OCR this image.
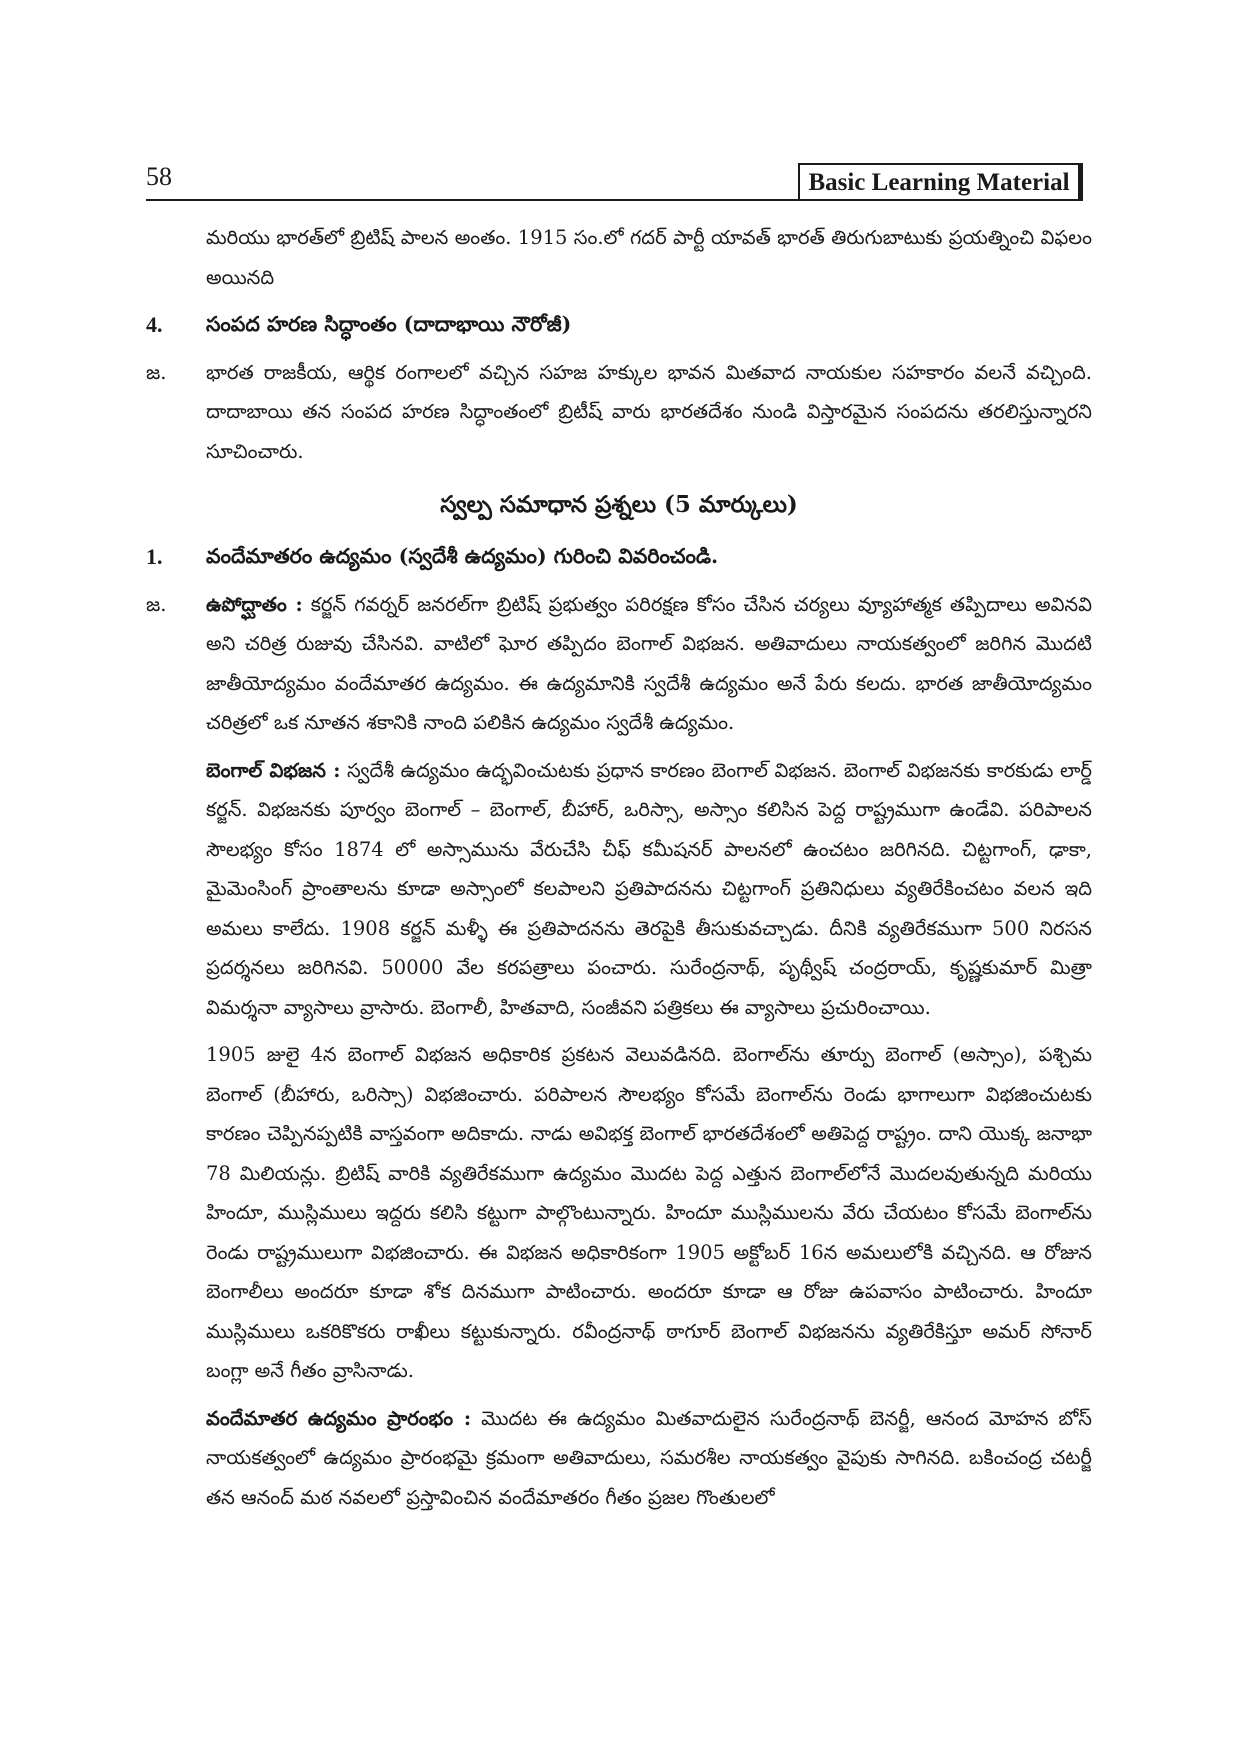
58	Basic Learning Material

మరియు భారత్‌లో బ్రిటిష్ పాలన అంతం. 1915 సం.లో గదర్ పార్టీ యావత్ భారత్ తిరుగుబాటుకు ప్రయత్నించి విఫలం అయినది

4.	సంపద హరణ సిద్ధాంతం (దాదాభాయి నౌరోజీ)
జ.	భారత రాజకీయ, ఆర్థిక రంగాలలో వచ్చిన సహజ హక్కుల భావన మితవాద నాయకుల సహకారం వలనే వచ్చింది. దాదాబాయి తన సంపద హరణ సిద్ధాంతంలో బ్రిటీష్ వారు భారతదేశం నుండి విస్తారమైన సంపదను తరలిస్తున్నారని సూచించారు.

స్వల్ప సమాధాన ప్రశ్నలు (5 మార్కులు)
1.	వందేమాతరం ఉద్యమం (స్వదేశీ ఉద్యమం) గురించి వివరించండి.
జ.	ఉపోద్ఘాతం : కర్జన్ గవర్నర్ జనరల్‌గా బ్రిటిష్ ప్రభుత్వం పరిరక్షణ కోసం చేసిన చర్యలు వ్యూహాత్మక తప్పిదాలు అవినవి అని చరిత్ర రుజువు చేసినవి. వాటిలో ఘోర తప్పిదం బెంగాల్ విభజన. అతివాదులు నాయకత్వంలో జరిగిన మొదటి జాతీయోద్యమం వందేమాతర ఉద్యమం. ఈ ఉద్యమానికి స్వదేశీ ఉద్యమం అనే పేరు కలదు. భారత జాతీయోద్యమం చరిత్రలో ఒక నూతన శకానికి నాంది పలికిన ఉద్యమం స్వదేశీ ఉద్యమం.

బెంగాల్ విభజన : స్వదేశీ ఉద్యమం ఉద్భవించుటకు ప్రధాన కారణం బెంగాల్ విభజన. బెంగాల్ విభజనకు కారకుడు లార్డ్ కర్జన్. విభజనకు పూర్వం బెంగాల్ – బెంగాల్, బీహార్, ఒరిస్సా, అస్సాం కలిసిన పెద్ద రాష్ట్రముగా ఉండేవి. పరిపాలన సౌలభ్యం కోసం 1874 లో అస్సామును వేరుచేసి చీఫ్ కమీషనర్ పాలనలో ఉంచటం జరిగినది. చిట్టగాంగ్, ఢాకా, మైమెంసింగ్ ప్రాంతాలను కూడా అస్సాంలో కలపాలని ప్రతిపాదనను చిట్టగాంగ్ ప్రతినిధులు వ్యతిరేకించటం వలన ఇది అమలు కాలేదు. 1908 కర్జన్ మళ్ళీ ఈ ప్రతిపాదనను తెరపైకి తీసుకువచ్చాడు. దీనికి వ్యతిరేకముగా 500 నిరసన ప్రదర్శనలు జరిగినవి. 50000 వేల కరపత్రాలు పంచారు. సురేంద్రనాథ్, పృథ్వీష్ చంద్రరాయ్, కృష్ణకుమార్ మిత్రా విమర్శనా వ్యాసాలు వ్రాసారు. బెంగాలీ, హితవాది, సంజీవని పత్రికలు ఈ వ్యాసాలు ప్రచురించాయి.

1905 జులై 4న బెంగాల్ విభజన అధికారిక ప్రకటన వెలువడినది. బెంగాల్‌ను తూర్పు బెంగాల్ (అస్సాం), పశ్చిమ బెంగాల్ (బీహారు, ఒరిస్సా) విభజించారు. పరిపాలన సౌలభ్యం కోసమే బెంగాల్‌ను రెండు భాగాలుగా విభజించుటకు కారణం చెప్పినప్పటికి వాస్తవంగా అదికాదు. నాడు అవిభక్త బెంగాల్ భారతదేశంలో అతిపెద్ద రాష్ట్రం. దాని యొక్క జనాభా 78 మిలియన్లు. బ్రిటిష్ వారికి వ్యతిరేకముగా ఉద్యమం మొదట పెద్ద ఎత్తున బెంగాల్‌లోనే మొదలవుతున్నది మరియు హిందూ, ముస్లిములు ఇద్దరు కలిసి కట్టుగా పాల్గొంటున్నారు. హిందూ ముస్లిములను వేరు చేయటం కోసమే బెంగాల్‌ను రెండు రాష్ట్రములుగా విభజించారు. ఈ విభజన అధికారికంగా 1905 అక్టోబర్ 16న అమలులోకి వచ్చినది. ఆ రోజున బెంగాలీలు అందరూ కూడా శోక దినముగా పాటించారు. అందరూ కూడా ఆ రోజు ఉపవాసం పాటించారు. హిందూ ముస్లిములు ఒకరికొకరు రాఖీలు కట్టుకున్నారు. రవీంద్రనాథ్ ఠాగూర్ బెంగాల్ విభజనను వ్యతిరేకిస్తూ అమర్ సోనార్ బంగ్లా అనే గీతం వ్రాసినాడు.

వందేమాతర ఉద్యమం ప్రారంభం : మొదట ఈ ఉద్యమం మితవాదులైన సురేంద్రనాథ్ బెనర్జీ, ఆనంద మోహన బోస్ నాయకత్వంలో ఉద్యమం ప్రారంభమై క్రమంగా అతివాదులు, సమరశీల నాయకత్వం వైపుకు సాగినది. బకించంద్ర చటర్జీ తన ఆనంద్ మఠ నవలలో ప్రస్తావించిన వందేమాతరం గీతం ప్రజల గొంతులలో
